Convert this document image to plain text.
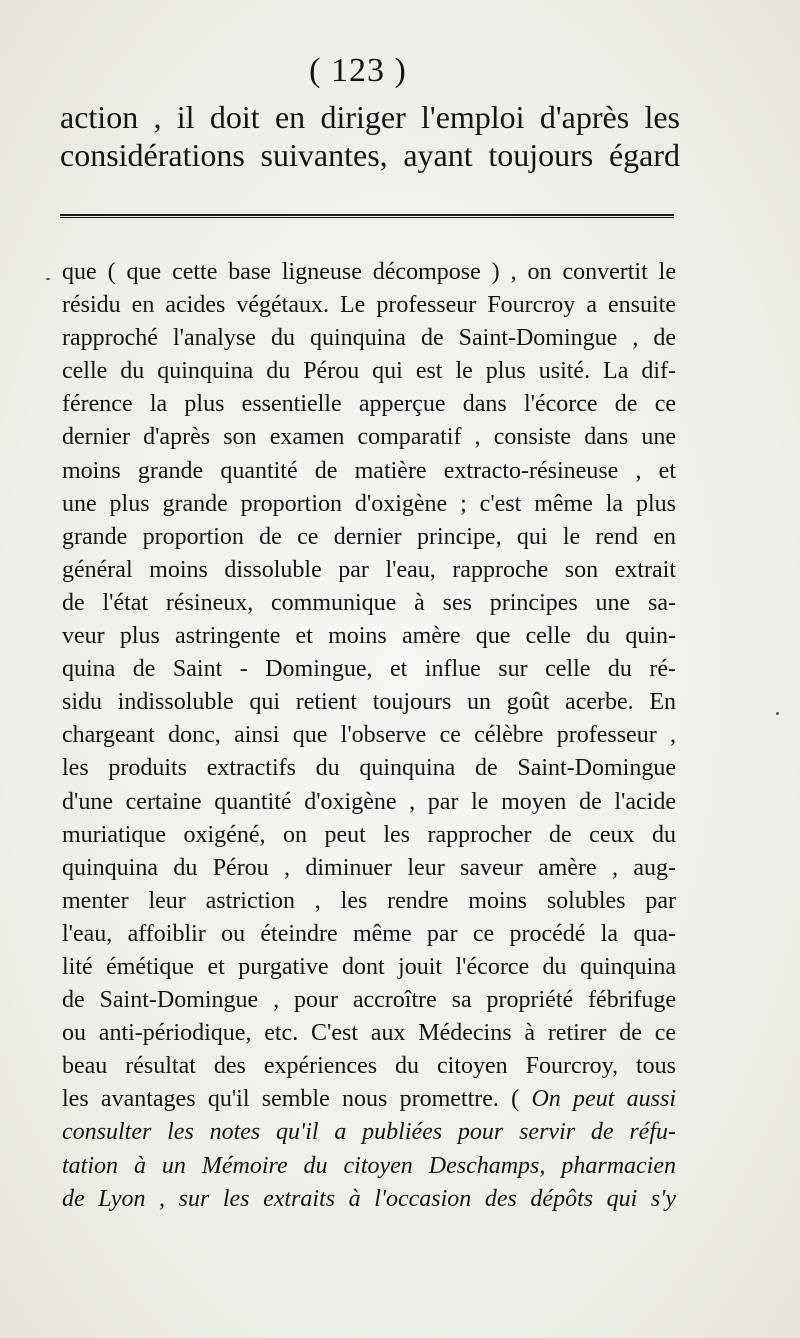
( 123 )
action , il doit en diriger l'emploi d'après les
considérations suivantes, ayant toujours égard
que ( que cette base ligneuse décompose ) , on convertit le
résidu en acides végétaux. Le professeur Fourcroy a ensuite
rapproché l'analyse du quinquina de Saint-Domingue , de
celle du quinquina du Pérou qui est le plus usité. La dif-
férence la plus essentielle apperçue dans l'écorce de ce
dernier d'après son examen comparatif , consiste dans une
moins grande quantité de matière extracto-résineuse , et
une plus grande proportion d'oxigène ; c'est même la plus
grande proportion de ce dernier principe, qui le rend en
général moins dissoluble par l'eau, rapproche son extrait
de l'état résineux, communique à ses principes une sa-
veur plus astringente et moins amère que celle du quin-
quina de Saint - Domingue, et influe sur celle du ré-
sidu indissoluble qui retient toujours un goût acerbe. En
chargeant donc, ainsi que l'observe ce célèbre professeur ,
les produits extractifs du quinquina de Saint-Domingue
d'une certaine quantité d'oxigène , par le moyen de l'acide
muriatique oxigéné, on peut les rapprocher de ceux du
quinquina du Pérou , diminuer leur saveur amère , aug-
menter leur astriction , les rendre moins solubles par
l'eau, affoiblir ou éteindre même par ce procédé la qua-
lité émétique et purgative dont jouit l'écorce du quinquina
de Saint-Domingue , pour accroître sa propriété fébrifuge
ou anti-périodique, etc. C'est aux Médecins à retirer de ce
beau résultat des expériences du citoyen Fourcroy, tous
les avantages qu'il semble nous promettre. ( On peut aussi
consulter les notes qu'il a publiées pour servir de réfu-
tation à un Mémoire du citoyen Deschamps, pharmacien
de Lyon , sur les extraits à l'occasion des dépôts qui s'y
